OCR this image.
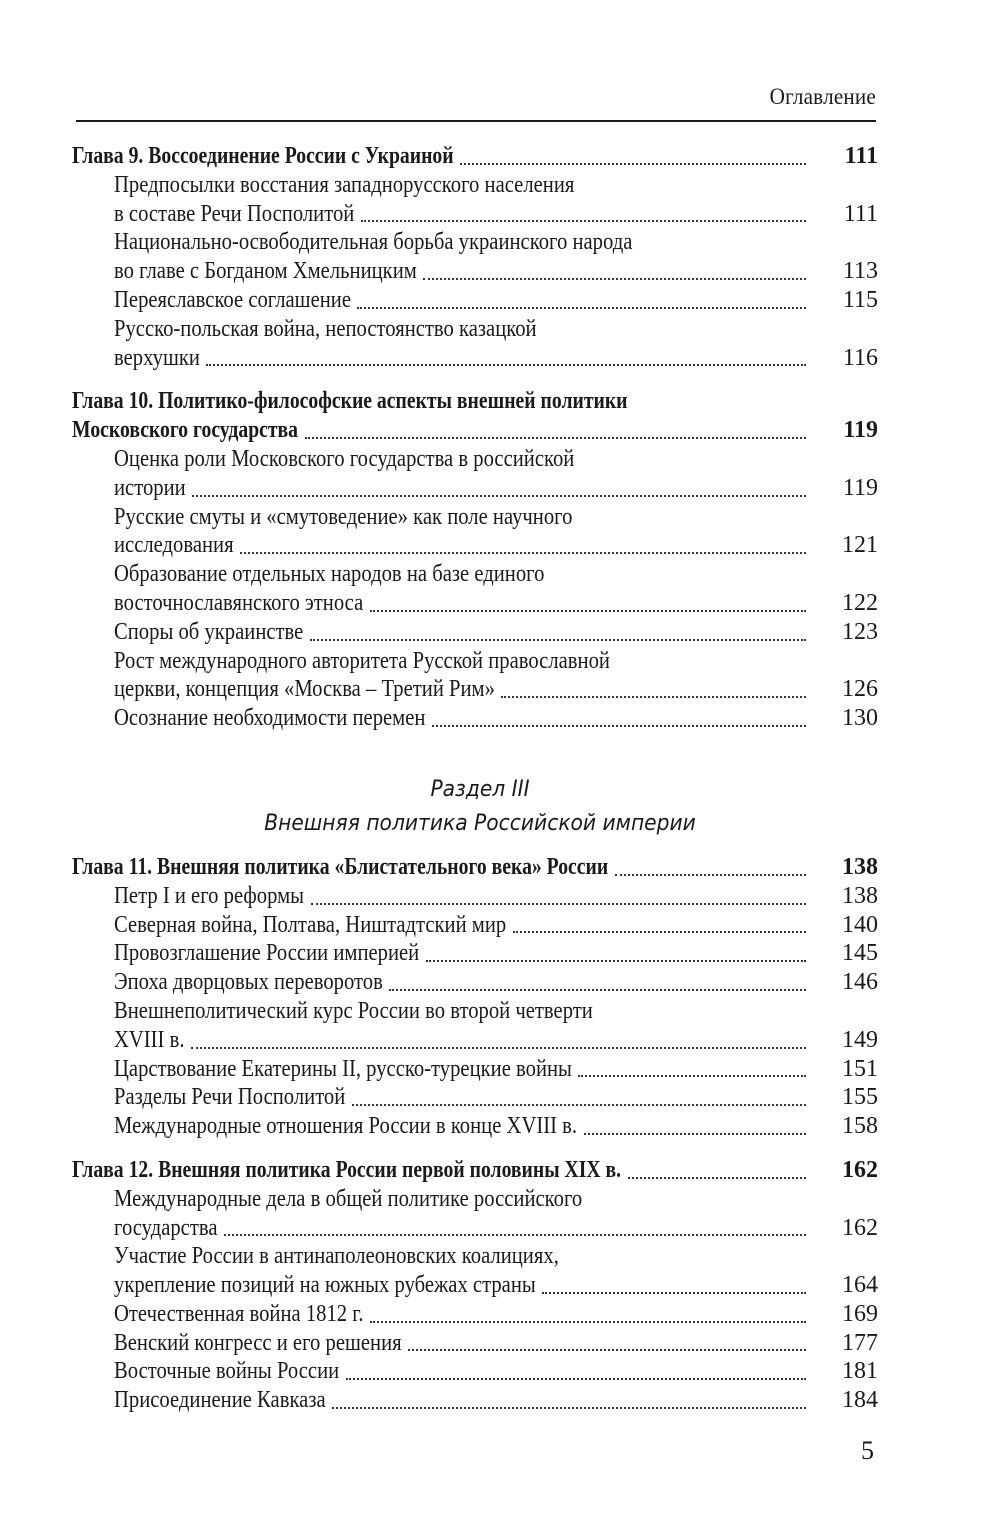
Оглавление
Глава 9. Воссоединение России с Украиной	111
Предпосылки восстания западнорусского населения
в составе Речи Посполитой	111
Национально-освободительная борьба украинского народа
во главе с Богданом Хмельницким	113
Переяславское соглашение	115
Русско-польская война, непостоянство казацкой
верхушки	116
Глава 10. Политико-философские аспекты внешней политики
Московского государства	119
Оценка роли Московского государства в российской
истории	119
Русские смуты и «смутоведение» как поле научного
исследования	121
Образование отдельных народов на базе единого
восточнославянского этноса	122
Споры об украинстве	123
Рост международного авторитета Русской православной
церкви, концепция «Москва – Третий Рим»	126
Осознание необходимости перемен	130
Раздел III
Внешняя политика Российской империи
Глава 11. Внешняя политика «Блистательного века» России	138
Петр I и его реформы	138
Северная война, Полтава, Ништадтский мир	140
Провозглашение России империей	145
Эпоха дворцовых переворотов	146
Внешнеполитический курс России во второй четверти
XVIII в.	149
Царствование Екатерины II, русско-турецкие войны	151
Разделы Речи Посполитой	155
Международные отношения России в конце XVIII в.	158
Глава 12. Внешняя политика России первой половины XIX в.	162
Международные дела в общей политике российского
государства	162
Участие России в антинаполеоновских коалициях,
укрепление позиций на южных рубежах страны	164
Отечественная война 1812 г.	169
Венский конгресс и его решения	177
Восточные войны России	181
Присоединение Кавказа	184
5
